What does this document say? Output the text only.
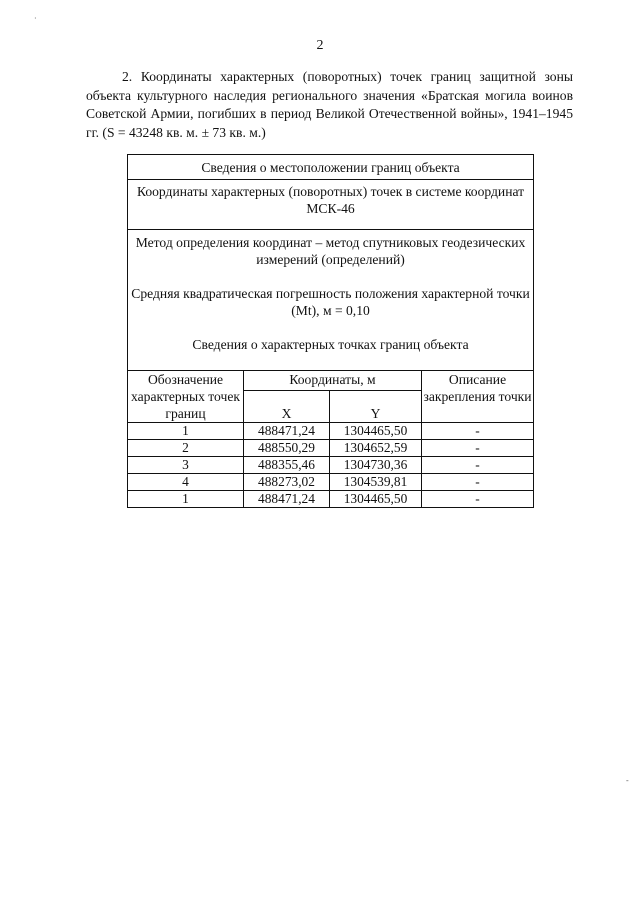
·
-
2

2. Координаты характерных (поворотных) точек границ защитной зоны объекта культурного наследия регионального значения «Братская могила воинов Советской Армии, погибших в период Великой Отечественной войны», 1941–1945 гг. (S = 43248 кв. м. ± 73 кв. м.)

Сведения о местоположении границ объекта			
Координаты характерных (поворотных) точек в системе координат МСК-46			

Метод определения координат – метод спутниковых геодезических измерений (определений)

Средняя квадратическая погрешность положения характерной точки (Mt), м = 0,10

Сведения о характерных точках границ объекта			

Обозначение характерных точек границ	Координаты, м		Описание закрепления точки
	X	Y	
1	488471,24	1304465,50	-
2	488550,29	1304652,59	-
3	488355,46	1304730,36	-
4	488273,02	1304539,81	-
1	488471,24	1304465,50	-
